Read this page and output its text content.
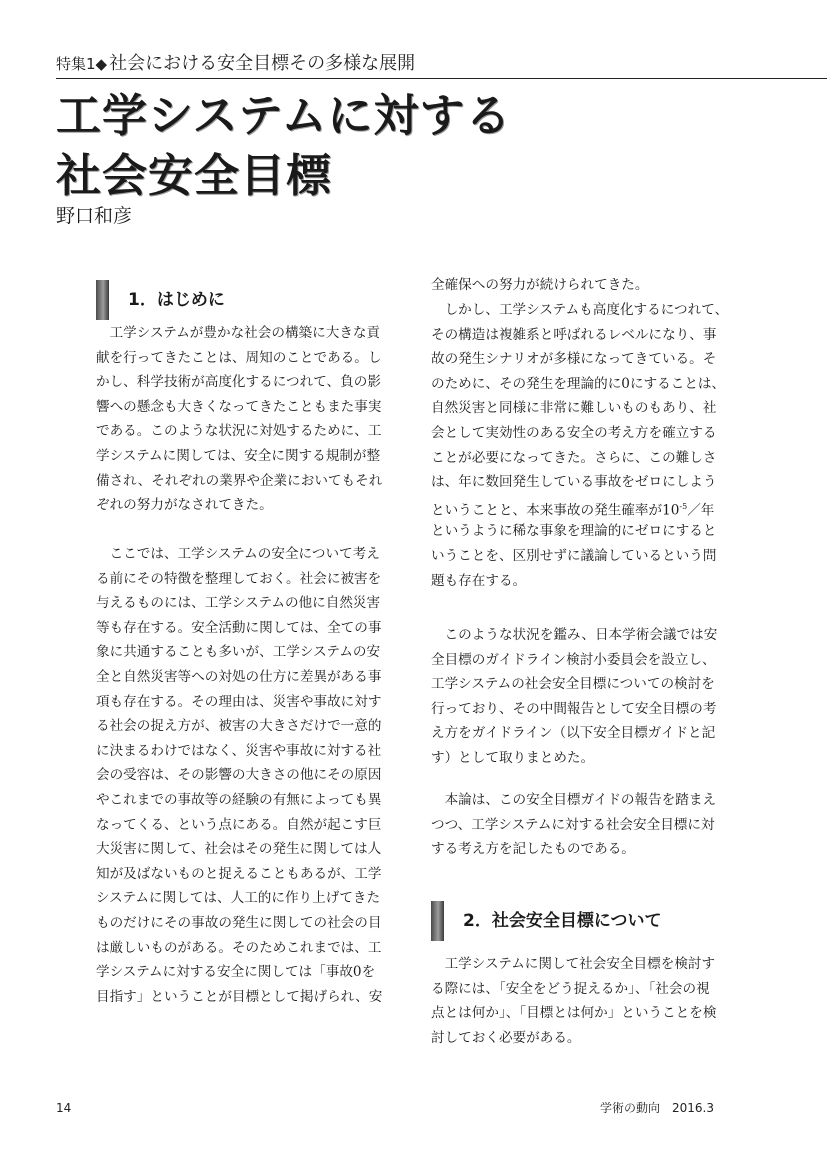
特集1◆ 社会における安全目標その多様な展開
工学システムに対する
社会安全目標
野口和彦
1．はじめに
　工学システムが豊かな社会の構築に大きな貢
献を行ってきたことは、周知のことである。し
かし、科学技術が高度化するにつれて、負の影
響への懸念も大きくなってきたこともまた事実
である。このような状況に対処するために、工
学システムに関しては、安全に関する規制が整
備され、それぞれの業界や企業においてもそれ
ぞれの努力がなされてきた。
　ここでは、工学システムの安全について考え
る前にその特徴を整理しておく。社会に被害を
与えるものには、工学システムの他に自然災害
等も存在する。安全活動に関しては、全ての事
象に共通することも多いが、工学システムの安
全と自然災害等への対処の仕方に差異がある事
項も存在する。その理由は、災害や事故に対す
る社会の捉え方が、被害の大きさだけで一意的
に決まるわけではなく、災害や事故に対する社
会の受容は、その影響の大きさの他にその原因
やこれまでの事故等の経験の有無によっても異
なってくる、という点にある。自然が起こす巨
大災害に関して、社会はその発生に関しては人
知が及ばないものと捉えることもあるが、工学
システムに関しては、人工的に作り上げてきた
ものだけにその事故の発生に関しての社会の目
は厳しいものがある。そのためこれまでは、工
学システムに対する安全に関しては「事故0を
目指す」ということが目標として掲げられ、安
全確保への努力が続けられてきた。
　しかし、工学システムも高度化するにつれて、
その構造は複雑系と呼ばれるレベルになり、事
故の発生シナリオが多様になってきている。そ
のために、その発生を理論的に0にすることは、
自然災害と同様に非常に難しいものもあり、社
会として実効性のある安全の考え方を確立する
ことが必要になってきた。さらに、この難しさ
は、年に数回発生している事故をゼロにしよう
ということと、本来事故の発生確率が$10^{-5}/$年
というように稀な事象を理論的にゼロにすると
いうことを、区別せずに議論しているという問
題も存在する。
　このような状況を鑑み、日本学術会議では安
全目標のガイドライン検討小委員会を設立し、
工学システムの社会安全目標についての検討を
行っており、その中間報告として安全目標の考
え方をガイドライン（以下安全目標ガイドと記
す）として取りまとめた。
　本論は、この安全目標ガイドの報告を踏まえ
つつ、工学システムに対する社会安全目標に対
する考え方を記したものである。
2．社会安全目標について
　工学システムに関して社会安全目標を検討す
る際には、「安全をどう捉えるか」、「社会の視
点とは何か」、「目標とは何か」ということを検
討しておく必要がある。
14	学術の動向　2016.3
